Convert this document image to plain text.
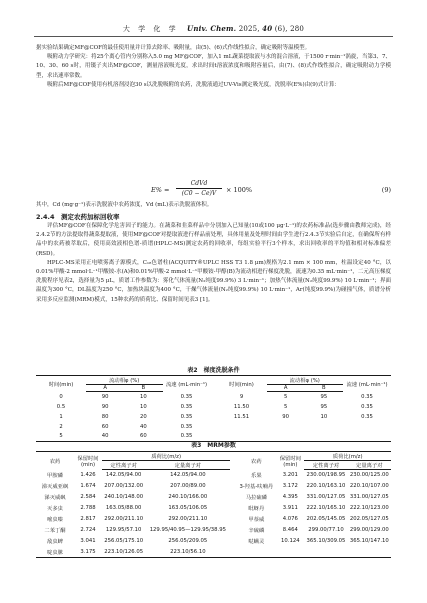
大 学 化 学 Univ. Chem. 2025, 40 (6), 280

据实验结果确定MF@COF的最佳使用量并计算去除率、吸附量，由(5)、(6)式作线性拟合，确定吸附等温模型。

吸附动力学研究：将25个离心管内分别称入5.0 mg MF@COF，加入1 mL蔬菜提取液与水的混合溶液，于1500 r·min⁻¹涡旋，当第3、7、10、30、60 s时，用镊子夹出MF@COF，测量溶液吸光度，求出时间t溶液浓度和吸附容量后，由(7)、(8)式作线性拟合，确定吸附动力学模型，求出速率常数。

吸附后MF@COF使用有机溶剂浸泡30 s以洗脱吸附的农药，洗脱液通过UV-Vis测定吸光度，洗脱率(E%)由(9)式计算：

E% =
CdVd
(C0 − Ce)V	× 100%	(9)

其中，Cd (mg·g⁻¹)表示洗脱液中农药浓度，Vd (mL)表示洗脱液体积。

2.4.4　测定农药加标回收率

评估MF@COF在保障化学危害因子的能力。在蔬菜和韭菜样品中分别加入已知量(10或100 μg·L⁻¹)的农药标准品(选步骤由教师完成)，经2.4.2节的方法提取得蔬菜提取液，使用MF@COF对提取液进行样品前处理，具体用量及处理时间由学生进行2.4.3节实验后自定，在确保所有样品中的农药被萃取后，使用高效液相色谱-质谱(HPLC-MS)测定农药的回收率，每组实验平行3个样本，求出回收率的平均值和相对标准偏差(RSD)。

HPLC-MS采用正电喷雾离子源模式，C₁₈色谱柱(ACQUITY®UPLC HSS T3 1.8 μm)规格为2.1 mm × 100 mm，柱温设定40 °C，以0.01%甲酸-2 mmol·L⁻¹甲酸铵-水(A)和0.01%甲酸-2 mmol·L⁻¹甲酸铵-甲醇(B)为流动相进行梯度洗脱，流速为0.35 mL·min⁻¹，二元高压梯度洗脱程序见表2，选择量为5 μL，质谱工作参数为：雾化气体流量(N₂纯度99.9%) 3 L·min⁻¹；加热气体流量(N₂纯度99.9%) 10 L·min⁻¹；界面温度为300 °C，DL温度为250 °C，加热块温度为400 °C，干燥气体流量(N₂纯度99.9%) 10 L·min⁻¹，Ar(纯度99.9%)为碰撞气体，质谱分析采用多反应监测(MRM)模式，15种农药的质荷比、保留时间见表3 [1]。

表2　梯度洗脱条件
时间(min)	流动相φ (%)		流速 (mL·min⁻¹)		时间(min)	流动相φ (%)		流速 (mL·min⁻¹)
	A	B				A	B	
0	90	10	0.35		9	5	95	0.35
0.5	90	10	0.35		11.50	5	95	0.35
1	80	20	0.35		11.51	90	10	0.35
2	60	40	0.35					
5	40	60	0.35					
表3　MRM参数
农药	保留时间 (min)	质荷比(m/z)			农药	保留时间 (min)	质荷比(m/z)	
		定性离子对	定量离子对				定性离子对	定量离子对
甲胺磷	1.426	142.05/94.00	142.05/94.00		乐果	3.201	230.00/198.95	230.00/125.00
涕灭威亚砜	1.674	207.00/132.00	207.00/89.00		3-羟基-呋喃丹	3.172	220.10/163.10	220.10/107.00
涕灭威砜	2.584	240.10/148.00	240.10/166.00		马拉硫磷	4.395	331.00/127.05	331.00/127.05
灭多虫	2.788	163.05/88.00	163.05/106.05		吡蚜丹	3.911	222.10/165.10	222.10/123.00
嘧虫嗪	2.817	292.00/211.10	292.00/211.10		甲萘威	4.076	202.05/145.05	202.05/127.05
二苯丁酮	2.724	129.95/57.10	129.95/40.95—129.95/38.95		辛硫磷	8.464	299.00/77.10	299.00/129.00
敌虫蜱	3.041	256.05/175.10	256.05/209.05		哒螨灵	10.124	365.10/309.05	365.10/147.10
啶虫脒	3.175	223.10/126.05	223.10/56.10					
